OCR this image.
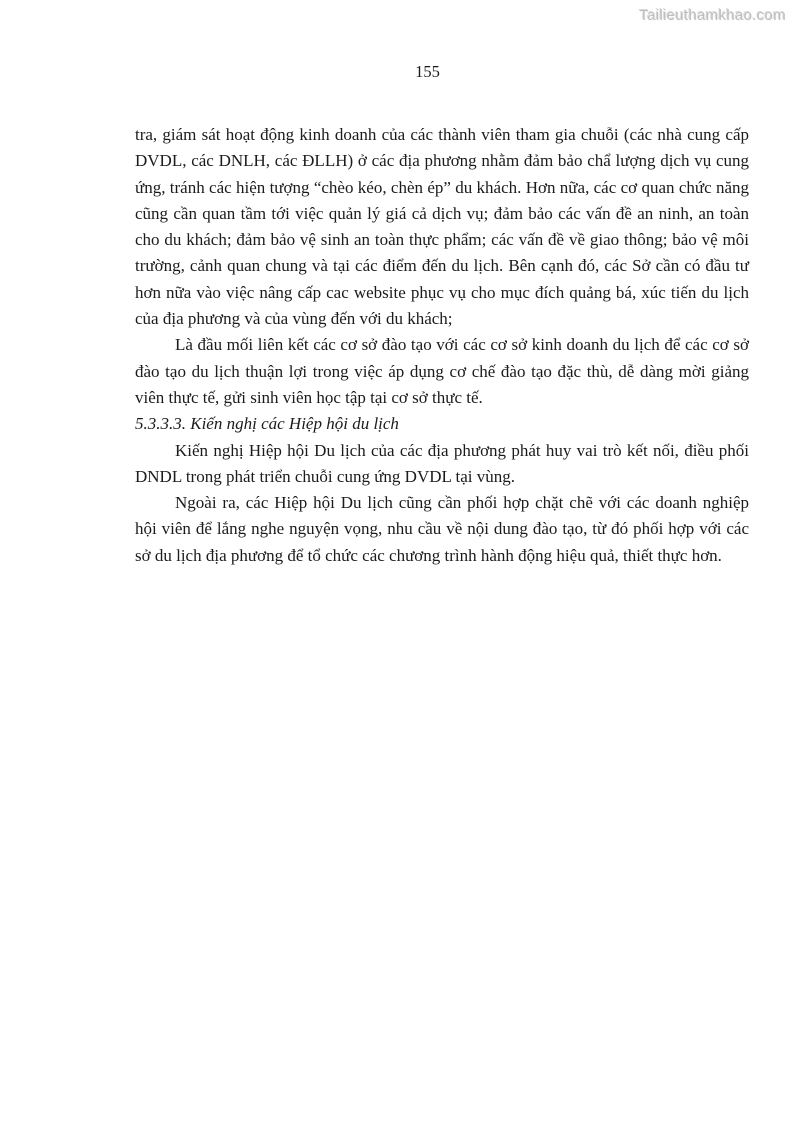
Tailieuthamkhao.com
155

tra, giám sát hoạt động kinh doanh của các thành viên tham gia chuỗi (các nhà cung cấp DVDL, các DNLH, các ĐLLH) ở các địa phương nhằm đảm bảo chẩ lượng dịch vụ cung ứng, tránh các hiện tượng “chèo kéo, chèn ép” du khách. Hơn nữa, các cơ quan chức năng cũng cần quan tầm tới việc quản lý giá cả dịch vụ; đảm bảo các vấn đề an ninh, an toàn cho du khách; đảm bảo vệ sinh an toàn thực phẩm; các vấn đề về giao thông; bảo vệ môi trường, cảnh quan chung và tại các điểm đến du lịch. Bên cạnh đó, các Sở cần có đầu tư hơn nữa vào việc nâng cấp cac website phục vụ cho mục đích quảng bá, xúc tiến du lịch của địa phương và của vùng đến với du khách;

Là đầu mối liên kết các cơ sở đào tạo với các cơ sở kinh doanh du lịch để các cơ sở đào tạo du lịch thuận lợi trong việc áp dụng cơ chế đào tạo đặc thù, dễ dàng mời giảng viên thực tế, gửi sinh viên học tập tại cơ sở thực tế.

5.3.3.3. Kiến nghị các Hiệp hội du lịch

Kiến nghị Hiệp hội Du lịch của các địa phương phát huy vai trò kết nối, điều phối DNDL trong phát triển chuỗi cung ứng DVDL tại vùng.

Ngoài ra, các Hiệp hội Du lịch cũng cần phối hợp chặt chẽ với các doanh nghiệp hội viên để lắng nghe nguyện vọng, nhu cầu về nội dung đào tạo, từ đó phối hợp với các sở du lịch địa phương để tổ chức các chương trình hành động hiệu quả, thiết thực hơn.
